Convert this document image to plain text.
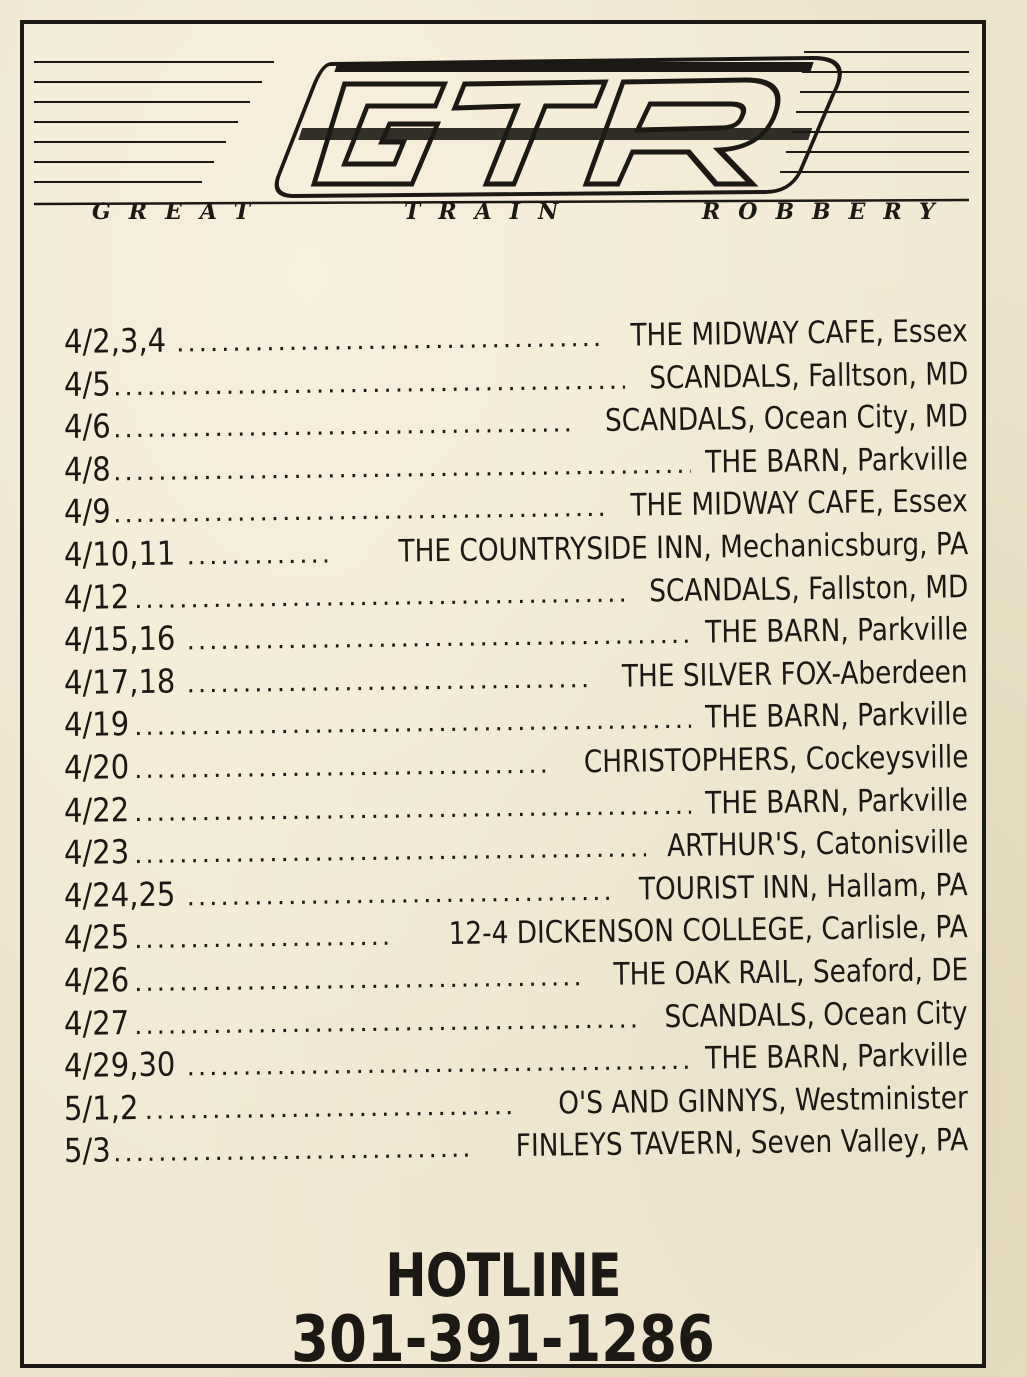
GREAT	TRAIN	ROBBERY
4/2,3,4 .....	THE MIDWAY CAFE, Essex
4/5 .....	SCANDALS, Falltson, MD
4/6 .....	SCANDALS, Ocean City, MD
4/8 .....	THE BARN, Parkville
4/9 .....	THE MIDWAY CAFE, Essex
4/10,11 .....	THE COUNTRYSIDE INN, Mechanicsburg, PA
4/12 .....	SCANDALS, Fallston, MD
4/15,16 .....	THE BARN, Parkville
4/17,18 .....	THE SILVER FOX-Aberdeen
4/19 .....	THE BARN, Parkville
4/20 .....	CHRISTOPHERS, Cockeysville
4/22 .....	THE BARN, Parkville
4/23 .....	ARTHUR'S, Catonisville
4/24,25 .....	TOURIST INN, Hallam, PA
4/25 .....	12-4 DICKENSON COLLEGE, Carlisle, PA
4/26 .....	THE OAK RAIL, Seaford, DE
4/27 .....	SCANDALS, Ocean City
4/29,30 .....	THE BARN, Parkville
5/1,2 .....	O'S AND GINNYS, Westminister
5/3 .....	FINLEYS TAVERN, Seven Valley, PA
HOTLINE
301-391-1286
